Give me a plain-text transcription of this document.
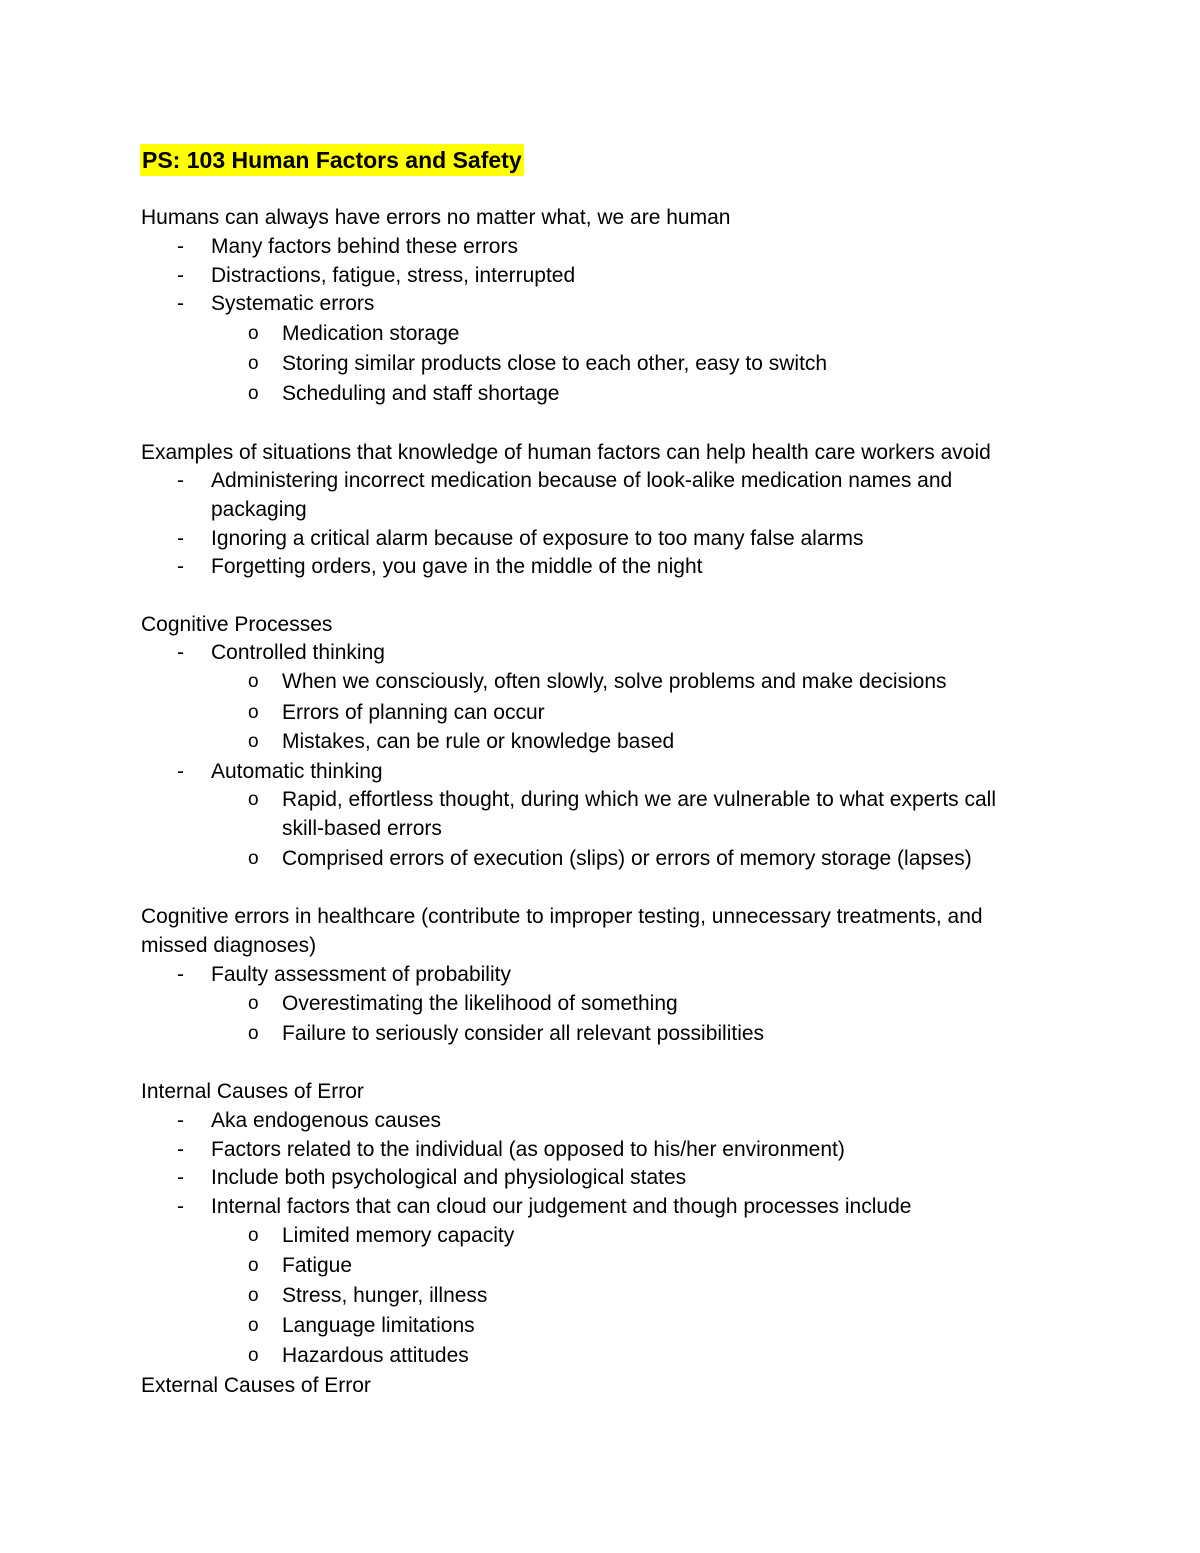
PS: 103 Human Factors and Safety
Humans can always have errors no matter what, we are human
- Many factors behind these errors
- Distractions, fatigue, stress, interrupted
- Systematic errors
o Medication storage
o Storing similar products close to each other, easy to switch
o Scheduling and staff shortage
Examples of situations that knowledge of human factors can help health care workers avoid
- Administering incorrect medication because of look-alike medication names and
packaging
- Ignoring a critical alarm because of exposure to too many false alarms
- Forgetting orders, you gave in the middle of the night
Cognitive Processes
- Controlled thinking
o When we consciously, often slowly, solve problems and make decisions
o Errors of planning can occur
o Mistakes, can be rule or knowledge based
- Automatic thinking
o Rapid, effortless thought, during which we are vulnerable to what experts call
skill-based errors
o Comprised errors of execution (slips) or errors of memory storage (lapses)
Cognitive errors in healthcare (contribute to improper testing, unnecessary treatments, and
missed diagnoses)
- Faulty assessment of probability
o Overestimating the likelihood of something
o Failure to seriously consider all relevant possibilities
Internal Causes of Error
- Aka endogenous causes
- Factors related to the individual (as opposed to his/her environment)
- Include both psychological and physiological states
- Internal factors that can cloud our judgement and though processes include
o Limited memory capacity
o Fatigue
o Stress, hunger, illness
o Language limitations
o Hazardous attitudes
External Causes of Error
